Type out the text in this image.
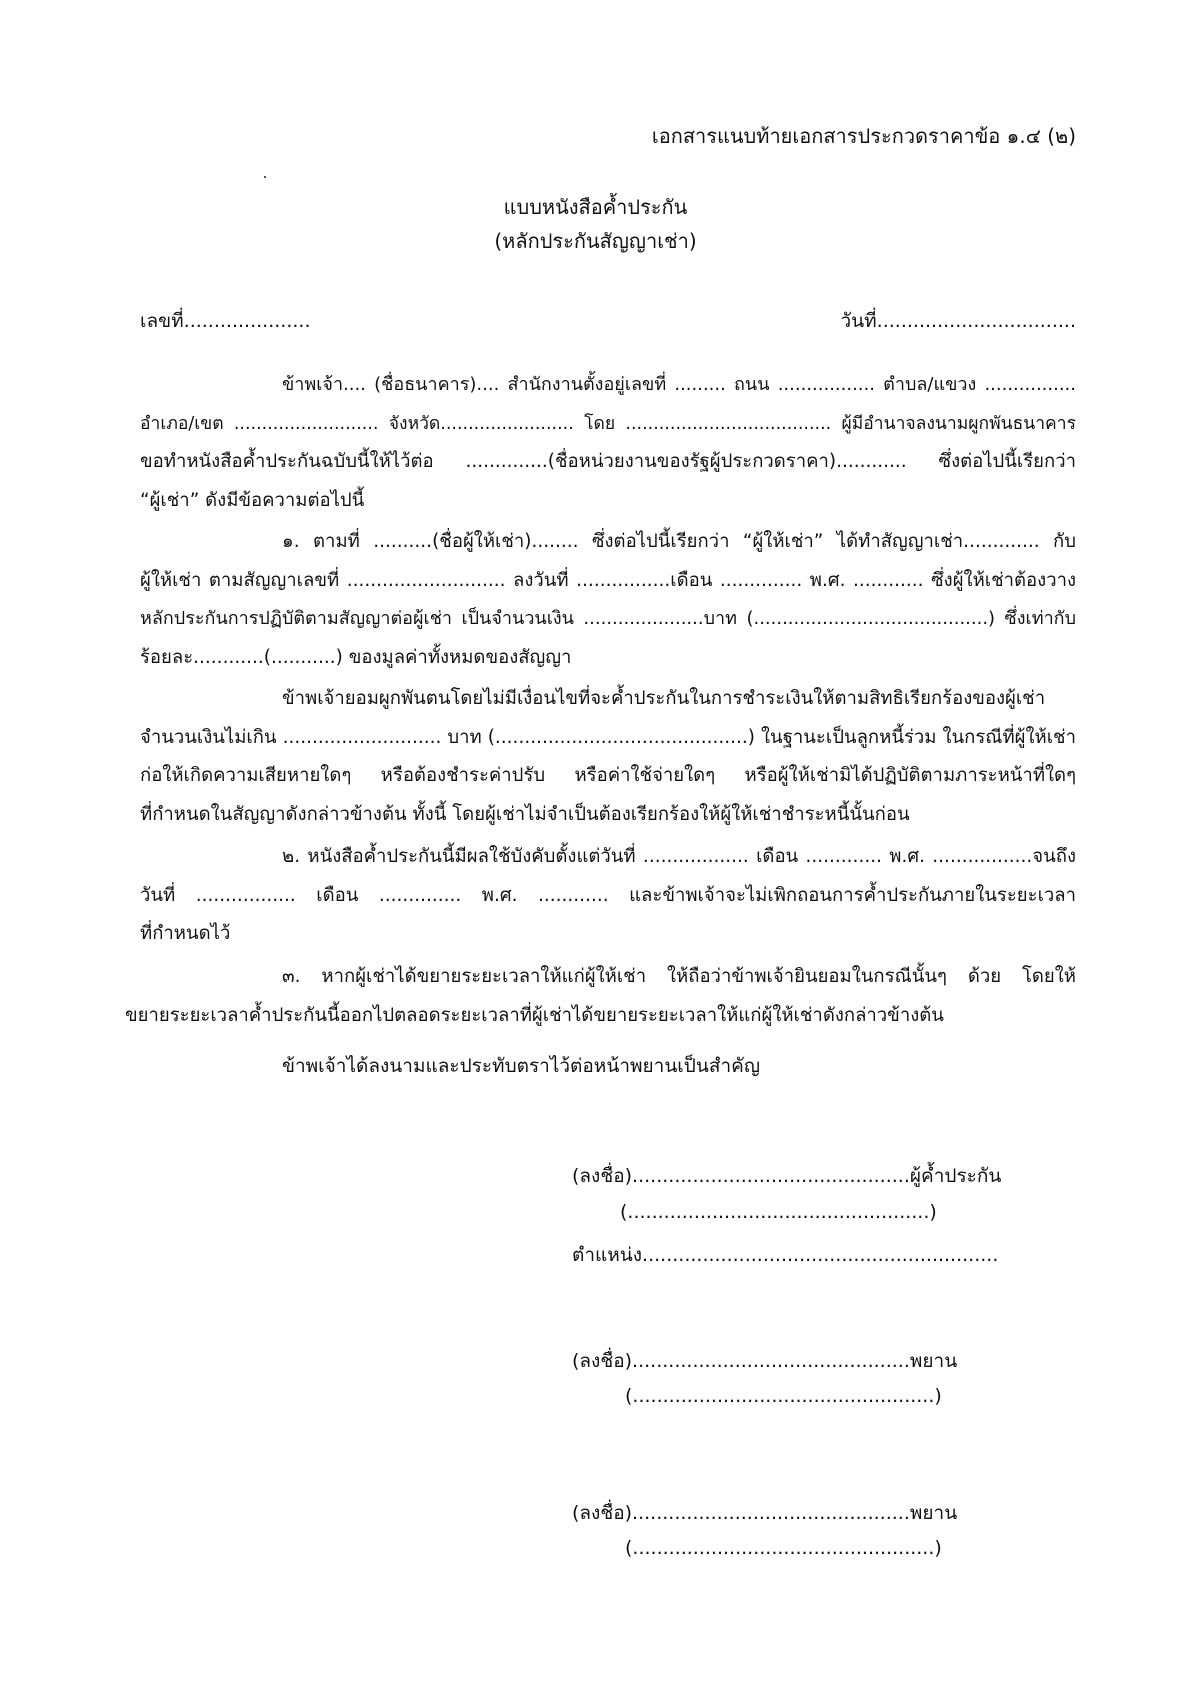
เอกสารแนบท้ายเอกสารประกวดราคาข้อ ๑.๔ (๒)
แบบหนังสือค้ำประกัน
(หลักประกันสัญญาเช่า)
เลขที่.....................	วันที่.................................
ข้าพเจ้า.... (ชื่อธนาคาร).... สำนักงานตั้งอยู่เลขที่ ......... ถนน ................. ตำบล/แขวง ................
อำเภอ/เขต .......................... จังหวัด........................ โดย ..................................... ผู้มีอำนาจลงนามผูกพันธนาคาร
ขอทำหนังสือค้ำประกันฉบับนี้ให้ไว้ต่อ ..............(ชื่อหน่วยงานของรัฐผู้ประกวดราคา)............ ซึ่งต่อไปนี้เรียกว่า
“ผู้เช่า” ดังมีข้อความต่อไปนี้
๑. ตามที่ ..........(ชื่อผู้ให้เช่า)........ ซึ่งต่อไปนี้เรียกว่า “ผู้ให้เช่า” ได้ทำสัญญาเช่า............. กับ
ผู้ให้เช่า ตามสัญญาเลขที่ ........................... ลงวันที่ ................เดือน .............. พ.ศ. ............ ซึ่งผู้ให้เช่าต้องวาง
หลักประกันการปฏิบัติตามสัญญาต่อผู้เช่า เป็นจำนวนเงิน .....................บาท (.........................................) ซึ่งเท่ากับ
ร้อยละ............(...........) ของมูลค่าทั้งหมดของสัญญา
ข้าพเจ้ายอมผูกพันตนโดยไม่มีเงื่อนไขที่จะค้ำประกันในการชำระเงินให้ตามสิทธิเรียกร้องของผู้เช่า
จำนวนเงินไม่เกิน ........................... บาท (...........................................) ในฐานะเป็นลูกหนี้ร่วม ในกรณีที่ผู้ให้เช่า
ก่อให้เกิดความเสียหายใดๆ หรือต้องชำระค่าปรับ หรือค่าใช้จ่ายใดๆ หรือผู้ให้เช่ามิได้ปฏิบัติตามภาระหน้าที่ใดๆ
ที่กำหนดในสัญญาดังกล่าวข้างต้น ทั้งนี้ โดยผู้เช่าไม่จำเป็นต้องเรียกร้องให้ผู้ให้เช่าชำระหนี้นั้นก่อน
๒. หนังสือค้ำประกันนี้มีผลใช้บังคับตั้งแต่วันที่ .................. เดือน ............. พ.ศ. .................จนถึง
วันที่ ................. เดือน .............. พ.ศ. ............ และข้าพเจ้าจะไม่เพิกถอนการค้ำประกันภายในระยะเวลา
ที่กำหนดไว้
๓. หากผู้เช่าได้ขยายระยะเวลาให้แก่ผู้ให้เช่า ให้ถือว่าข้าพเจ้ายินยอมในกรณีนั้นๆ ด้วย โดยให้
ขยายระยะเวลาค้ำประกันนี้ออกไปตลอดระยะเวลาที่ผู้เช่าได้ขยายระยะเวลาให้แก่ผู้ให้เช่าดังกล่าวข้างต้น
ข้าพเจ้าได้ลงนามและประทับตราไว้ต่อหน้าพยานเป็นสำคัญ
(ลงชื่อ)..............................................ผู้ค้ำประกัน
(..................................................)
ตำแหน่ง...........................................................
(ลงชื่อ)..............................................พยาน
(..................................................)
(ลงชื่อ)..............................................พยาน
(..................................................)
